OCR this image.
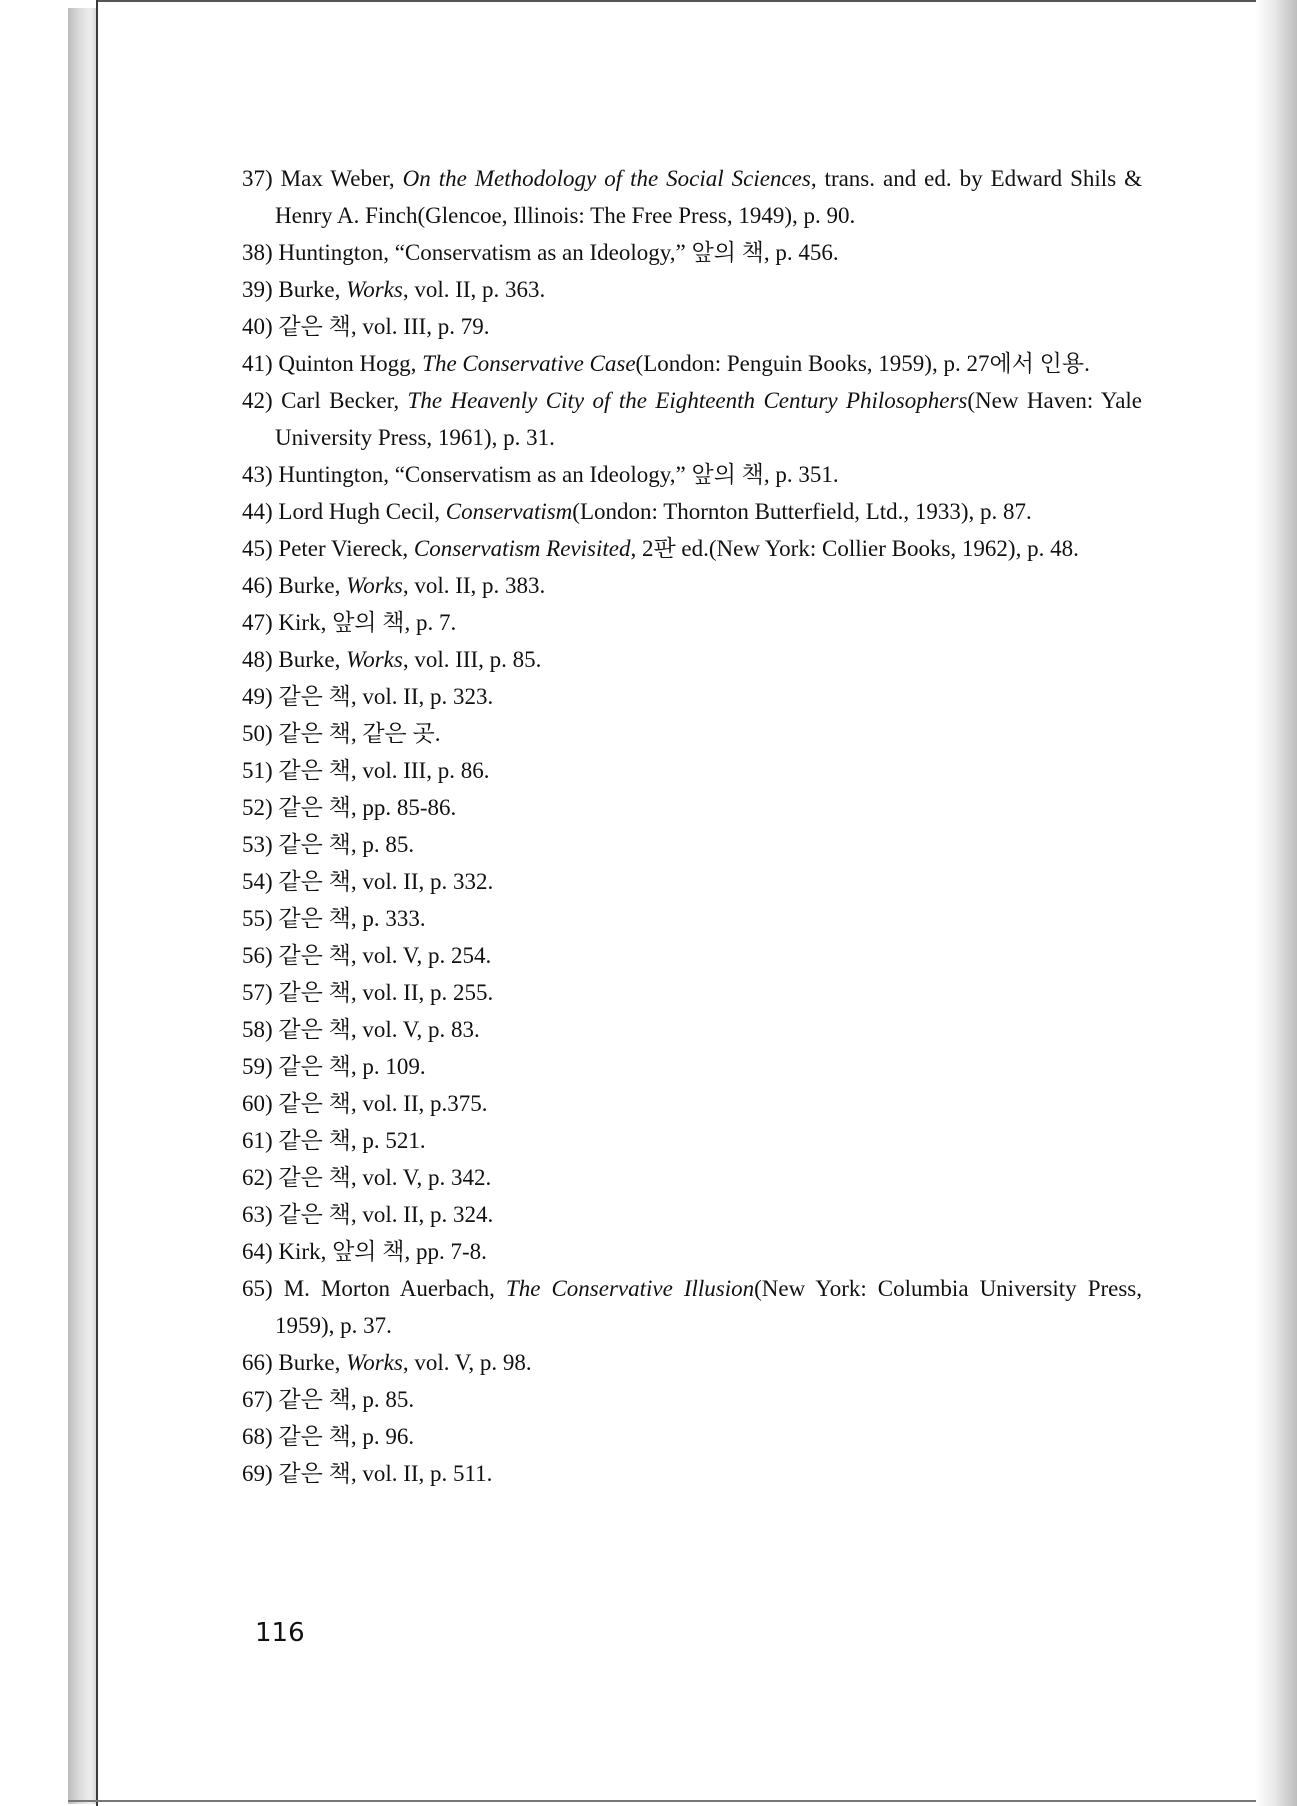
37) Max Weber, On the Methodology of the Social Sciences, trans. and ed. by Edward Shils & Henry A. Finch(Glencoe, Illinois: The Free Press, 1949), p. 90.
38) Huntington, “Conservatism as an Ideology,” 앞의 책, p. 456.
39) Burke, Works, vol. II, p. 363.
40) 같은 책, vol. III, p. 79.
41) Quinton Hogg, The Conservative Case(London: Penguin Books, 1959), p. 27에서 인용.
42) Carl Becker, The Heavenly City of the Eighteenth Century Philosophers(New Haven: Yale University Press, 1961), p. 31.
43) Huntington, “Conservatism as an Ideology,” 앞의 책, p. 351.
44) Lord Hugh Cecil, Conservatism(London: Thornton Butterfield, Ltd., 1933), p. 87.
45) Peter Viereck, Conservatism Revisited, 2판 ed.(New York: Collier Books, 1962), p. 48.
46) Burke, Works, vol. II, p. 383.
47) Kirk, 앞의 책, p. 7.
48) Burke, Works, vol. III, p. 85.
49) 같은 책, vol. II, p. 323.
50) 같은 책, 같은 곳.
51) 같은 책, vol. III, p. 86.
52) 같은 책, pp. 85-86.
53) 같은 책, p. 85.
54) 같은 책, vol. II, p. 332.
55) 같은 책, p. 333.
56) 같은 책, vol. V, p. 254.
57) 같은 책, vol. II, p. 255.
58) 같은 책, vol. V, p. 83.
59) 같은 책, p. 109.
60) 같은 책, vol. II, p.375.
61) 같은 책, p. 521.
62) 같은 책, vol. V, p. 342.
63) 같은 책, vol. II, p. 324.
64) Kirk, 앞의 책, pp. 7-8.
65) M. Morton Auerbach, The Conservative Illusion(New York: Columbia University Press, 1959), p. 37.
66) Burke, Works, vol. V, p. 98.
67) 같은 책, p. 85.
68) 같은 책, p. 96.
69) 같은 책, vol. II, p. 511.
116
